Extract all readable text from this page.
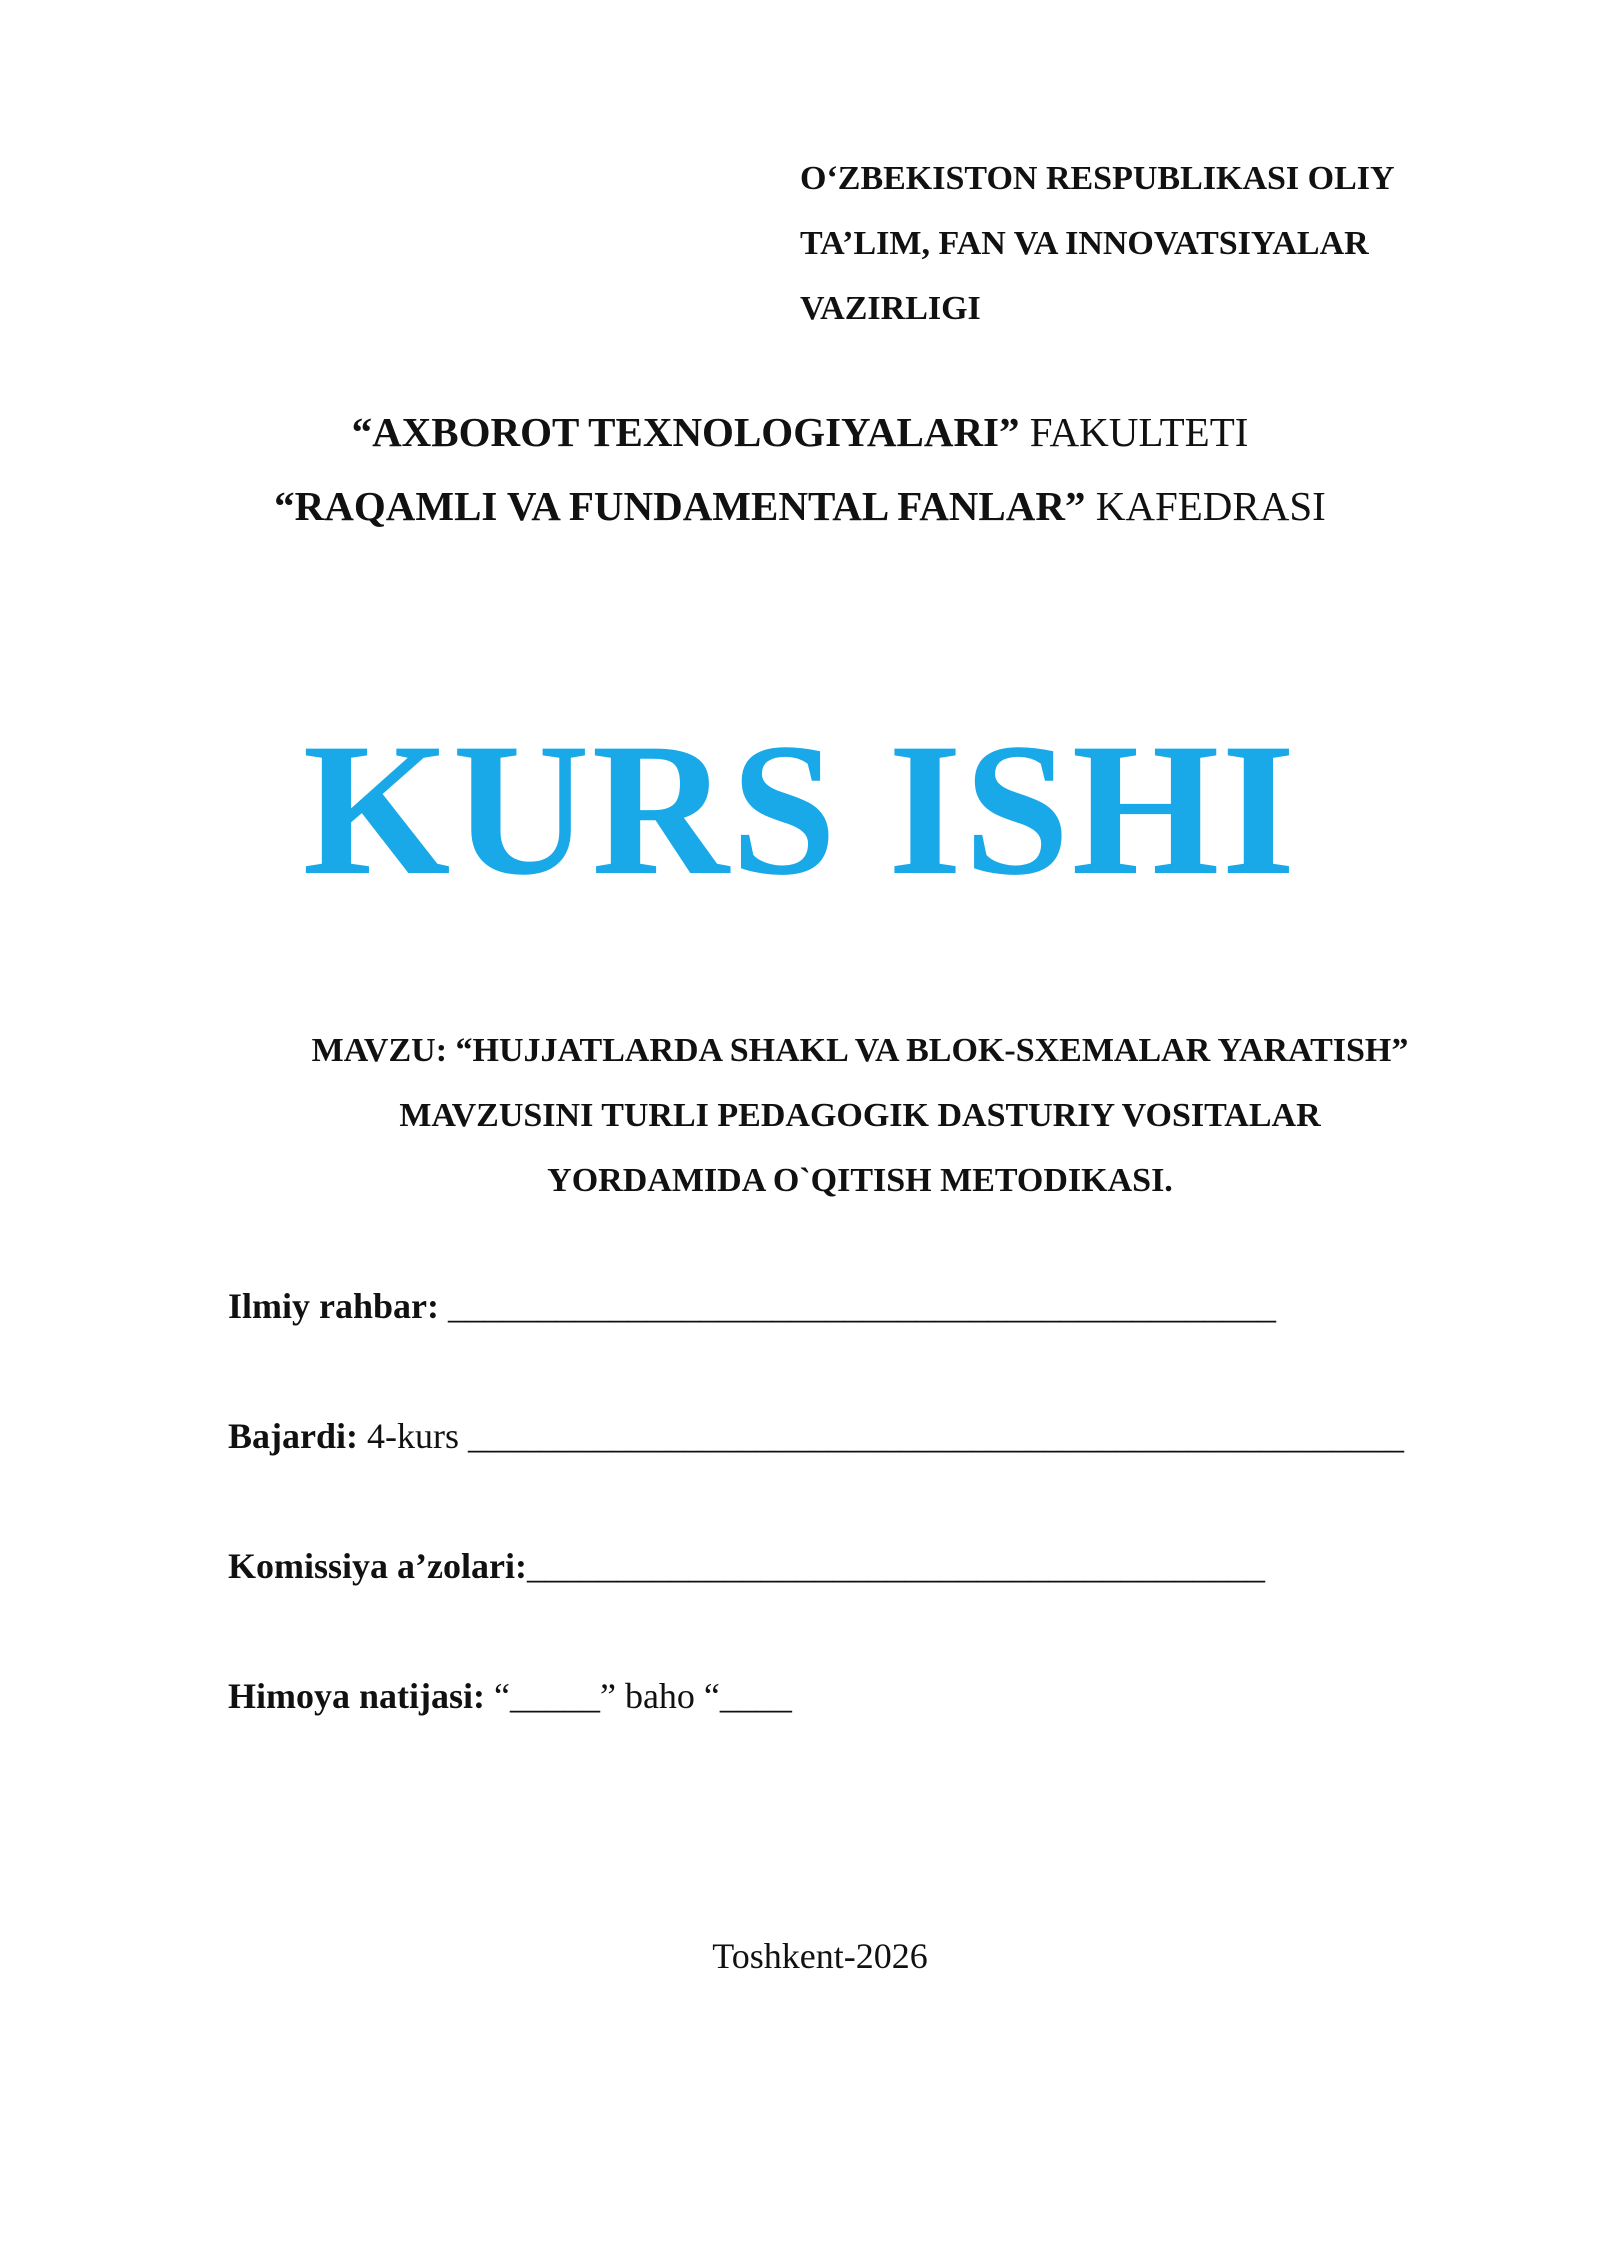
O‘ZBEKISTON RESPUBLIKASI OLIY
TA’LIM, FAN VA INNOVATSIYALAR
VAZIRLIGI
“AXBOROT TEXNOLOGIYALARI” FAKULTETI
“RAQAMLI VA FUNDAMENTAL FANLAR” KAFEDRASI
KURS ISHI
MAVZU: “HUJJATLARDA SHAKL VA BLOK-SXEMALAR YARATISH”
MAVZUSINI TURLI PEDAGOGIK DASTURIY VOSITALAR
YORDAMIDA O`QITISH METODIKASI.
Ilmiy rahbar: ______________________________________________
Bajardi: 4-kurs ____________________________________________________
Komissiya a’zolari:_________________________________________
Himoya natijasi: “_____” baho “____
Toshkent-2026
